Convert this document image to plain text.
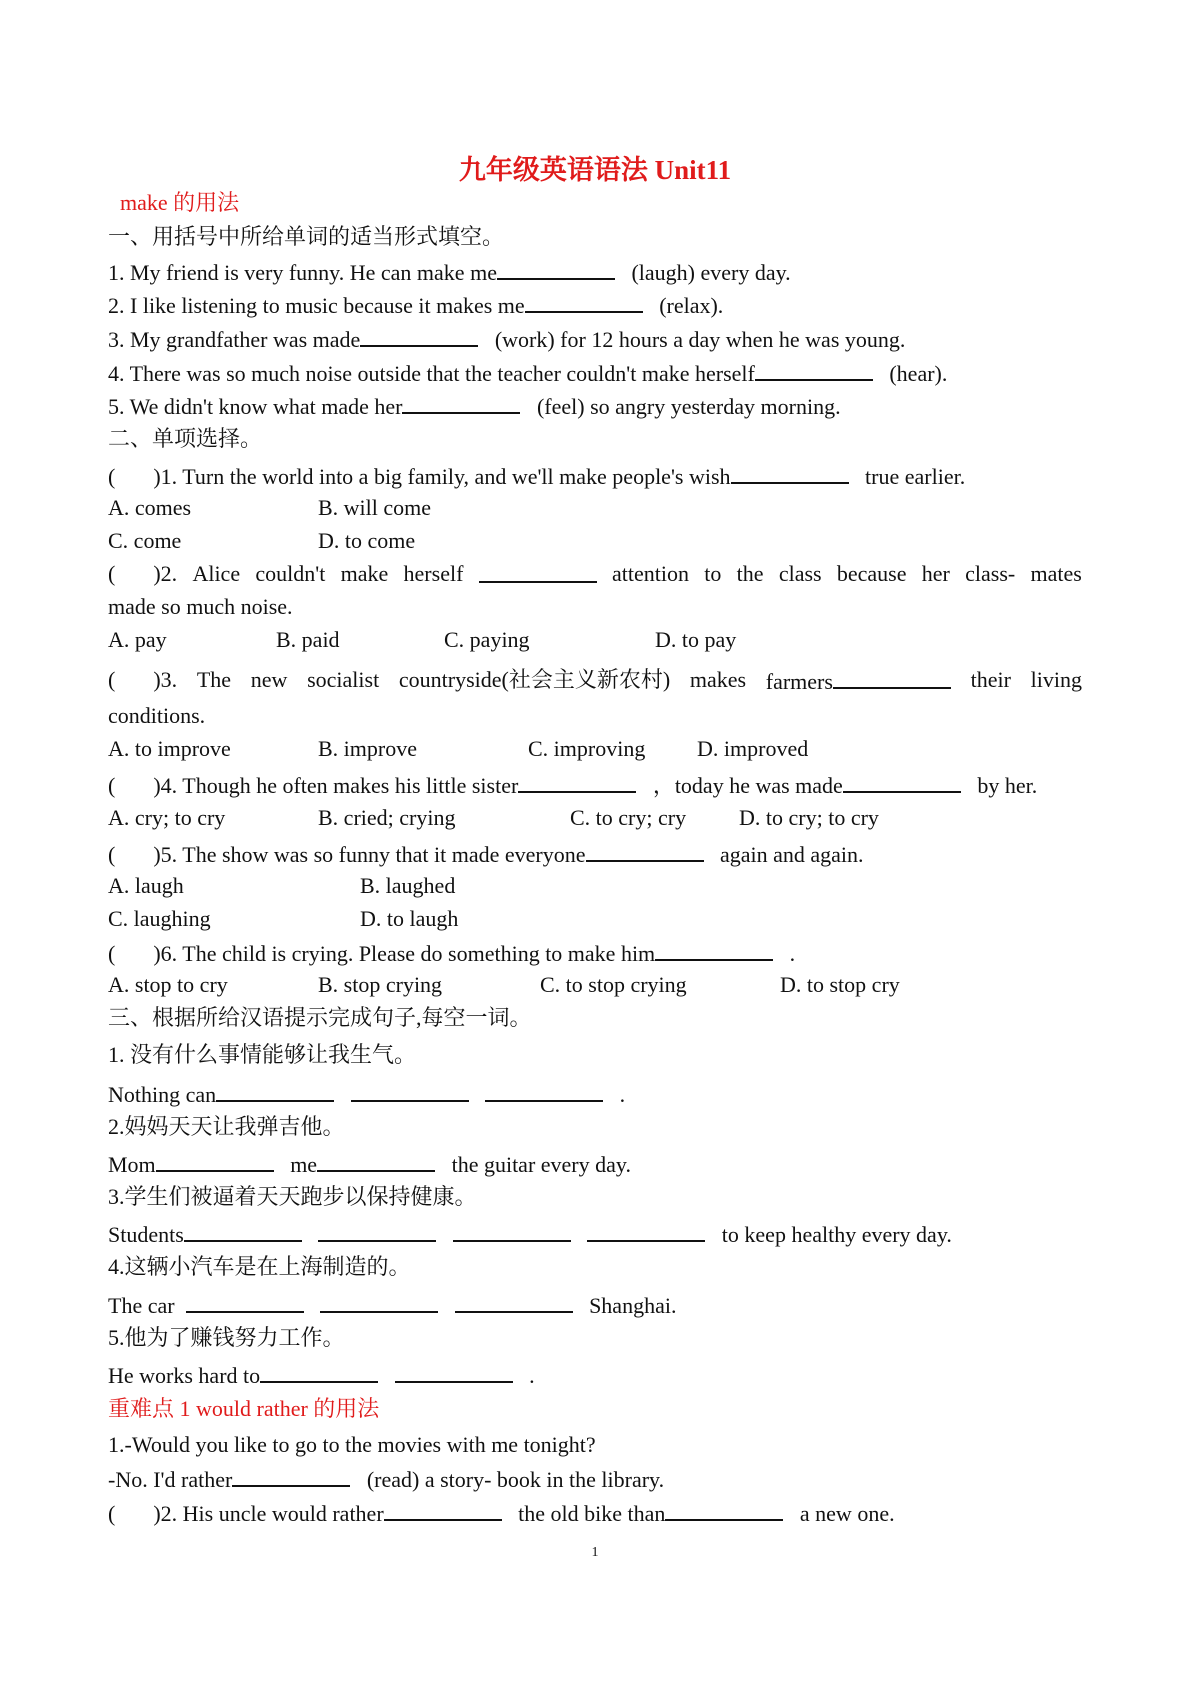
九年级英语语法 Unit11
make 的用法
一、用括号中所给单词的适当形式填空。
1. My friend is very funny. He can make me	(laugh) every day.
2. I like listening to music because it makes me	(relax).
3. My grandfather was made	(work) for 12 hours a day when he was young.
4. There was so much noise outside that the teacher couldn't make herself	(hear).
5. We didn't know what made her	(feel) so angry yesterday morning.
二、单项选择。
( )1. Turn the world into a big family, and we'll make people's wish	true earlier.
A. comes	B. will come
C. come	D. to come
( )2. Alice couldn't make herself	attention to the class because her class- mates
made so much noise.
A. pay	B. paid	C. paying	D. to pay
( )3. The new socialist countryside(社会主义新农村) makes farmers	their living
conditions.
A. to improve	B. improve	C. improving D. improved
( )4. Though he often makes his little sister	，today he was made	by her.
A. cry; to cry	B. cried; crying	C. to cry; cry D. to cry; to cry
( )5. The show was so funny that it made everyone	again and again.
A. laugh	B. laughed
C. laughing	D. to laugh
( )6. The child is crying. Please do something to make him	.
A. stop to cry	B. stop crying	C. to stop crying	D. to stop cry
三、根据所给汉语提示完成句子,每空一词。
1. 没有什么事情能够让我生气。
Nothing can	.
2.妈妈天天让我弹吉他。
Mom	me	the guitar every day.
3.学生们被逼着天天跑步以保持健康。
Students	to keep healthy every day.
4.这辆小汽车是在上海制造的。
The car	Shanghai.
5.他为了赚钱努力工作。
He works hard to	.
重难点 1 would rather 的用法
1.-Would you like to go to the movies with me tonight?
-No. I'd rather	(read) a story- book in the library.
( )2. His uncle would rather	the old bike than	a new one.
1
